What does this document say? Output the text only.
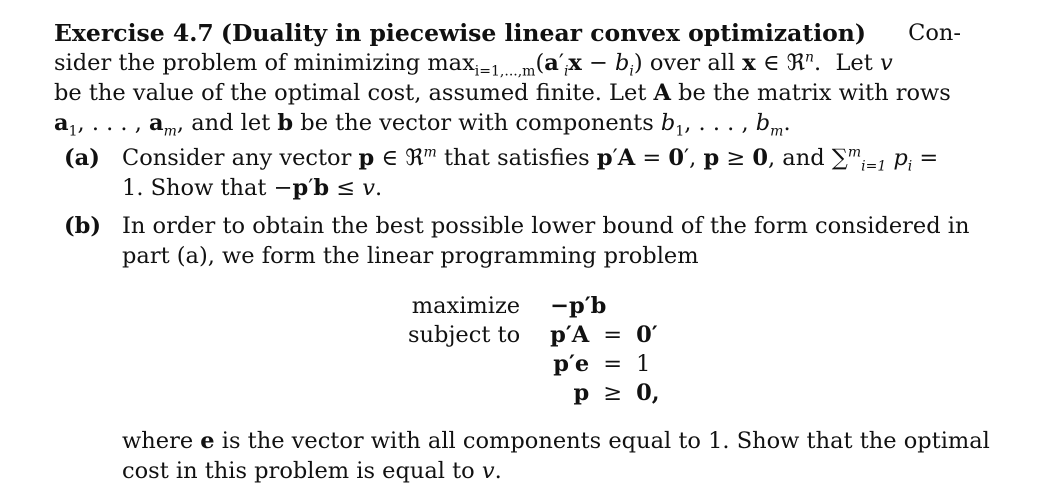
Exercise 4.7 (Duality in piecewise linear convex optimization) Con-
sider the problem of minimizing $\max_{i=1,...,m}(a'_ix - b_i)$ over all x ∈ ℜ$^n$.  Let v
be the value of the optimal cost, assumed finite. Let A be the matrix with rows
$a_1$, . . . , $a_m$, and let b be the vector with components $b_1$, . . . , $b_m$.
(a) Consider any vector p ∈ ℜ$^m$ that satisfies p′A = 0′, p ≥ 0, and ∑$^m_{i=1}$ $p_i$ =
1. Show that −p′b ≤ v.
(b) In order to obtain the best possible lower bound of the form considered in
part (a), we form the linear programming problem
maximize	−p′b		
subject to	p′A	=	0′
	p′e	=	1
	p	≥	0,
where e is the vector with all components equal to 1. Show that the optimal
cost in this problem is equal to v.
